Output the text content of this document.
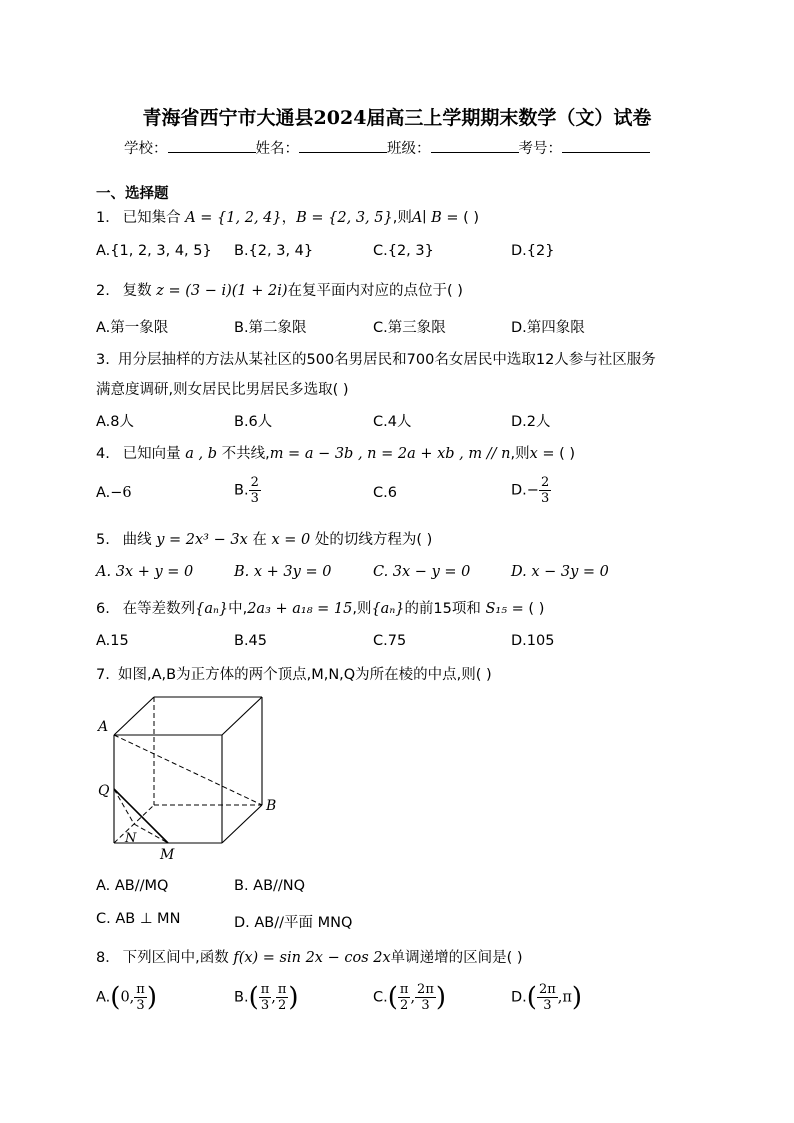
青海省西宁市大通县2024届高三上学期期末数学（文）试卷
学校：	姓名：	班级：	考号：
一、选择题
1． 已知集合 A = {1, 2, 4}，B = {2, 3, 5},则A∣ B = ( )
A.{1, 2, 3, 4, 5} B.{2, 3, 4}	C.{2, 3}	D.{2}
2. 复数 z = (3 − i)(1 + 2i)在复平面内对应的点位于( )
A.第一象限	B.第二象限	C.第三象限	D.第四象限
3. 用分层抽样的方法从某社区的500名男居民和700名女居民中选取12人参与社区服务
满意度调研,则女居民比男居民多选取( )
A.8人	B.6人	C.4人	D.2人
4. 已知向量 a , b 不共线,m = a − 3b , n = 2a + xb , m // n,则x = ( )
A.−6	B. $\frac{2}{3}$	C.6	$D.- \frac{2}{3}$
5. 曲线 y = 2x³ − 3x 在 x = 0 处的切线方程为( )
A. 3x + y = 0	B. x + 3y = 0	C. 3x − y = 0	D. x − 3y = 0
6. 在等差数列{aₙ}中,2a₃ + a₁₈ = 15,则{aₙ}的前15项和 S₁₅ = ( )
A.15	B.45	C.75	D.105
7. 如图,A,B为正方体的两个顶点,M,N,Q为所在棱的中点,则( )
A
B
Q
N
M
A. AB//MQ	B. AB//NQ
C. AB ⊥ MN	D. AB//平面 MNQ
8． 下列区间中,函数 f(x) = sin 2x − cos 2x单调递增的区间是( )
A.(0, $\frac{\pi}{3}$ )	$B.( \frac{\pi}{3}$ , $\frac{\pi}{2}$ )	$C.( \frac{\pi}{2}$ , $\frac{2\pi}{3}$ )	$D.( \frac{2\pi}{3} ,\pi)$
